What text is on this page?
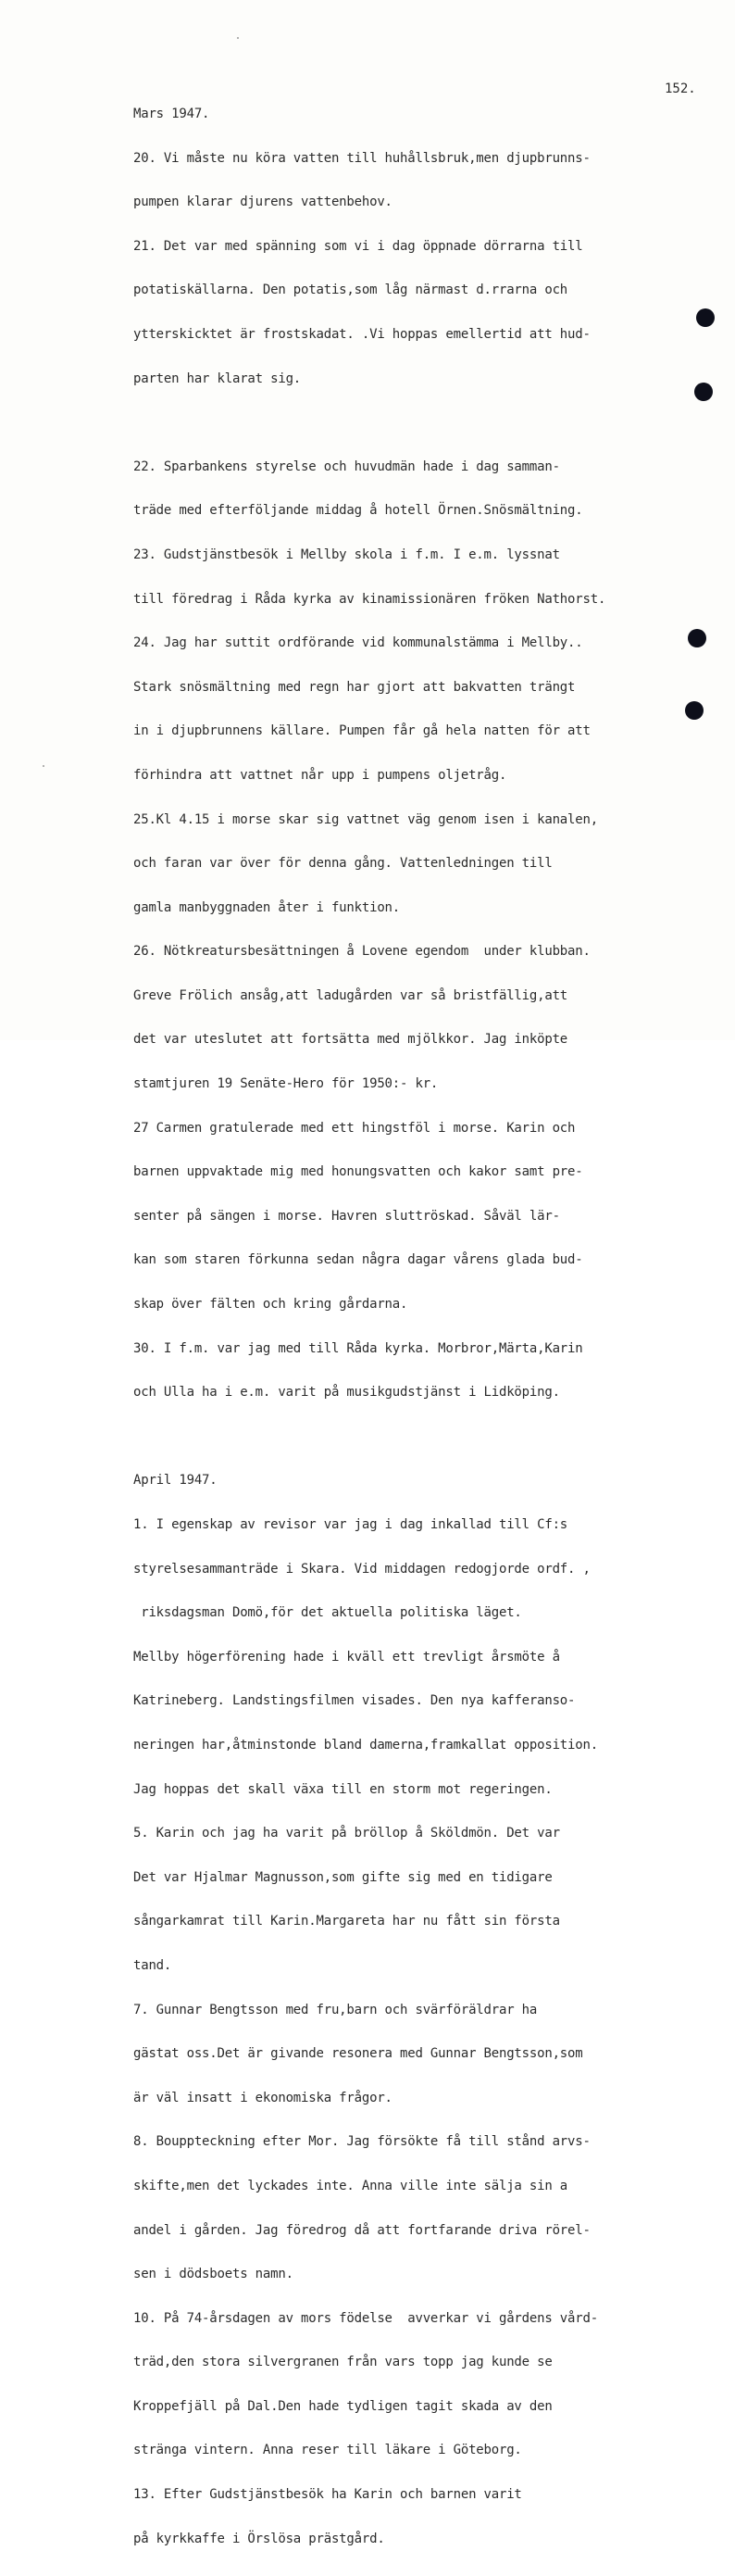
152.

Mars 1947.

20. Vi måste nu köra vatten till huhållsbruk,men djupbrunns-

pumpen klarar djurens vattenbehov.

21. Det var med spänning som vi i dag öppnade dörrarna till

potatiskällarna. Den potatis,som låg närmast d.rrarna och

ytterskicktet är frostskadat. .Vi hoppas emellertid att hud-

parten har klarat sig.

22. Sparbankens styrelse och huvudmän hade i dag samman-

träde med efterföljande middag å hotell Örnen.Snösmältning.

23. Gudstjänstbesök i Mellby skola i f.m. I e.m. lyssnat

till föredrag i Råda kyrka av kinamissionären fröken Nathorst.

24. Jag har suttit ordförande vid kommunalstämma i Mellby..

Stark snösmältning med regn har gjort att bakvatten trängt

in i djupbrunnens källare. Pumpen får gå hela natten för att

förhindra att vattnet når upp i pumpens oljetråg.

25.Kl 4.15 i morse skar sig vattnet väg genom isen i kanalen,

och faran var över för denna gång. Vattenledningen till

gamla manbyggnaden åter i funktion.

26. Nötkreatursbesättningen å Lovene egendom  under klubban.

Greve Frölich ansåg,att ladugården var så bristfällig,att

det var uteslutet att fortsätta med mjölkkor. Jag inköpte

stamtjuren 19 Senäte-Hero för 1950:- kr.

27 Carmen gratulerade med ett hingstföl i morse. Karin och

barnen uppvaktade mig med honungsvatten och kakor samt pre-

senter på sängen i morse. Havren sluttröskad. Såväl lär-

kan som staren förkunna sedan några dagar vårens glada bud-

skap över fälten och kring gårdarna.

30. I f.m. var jag med till Råda kyrka. Morbror,Märta,Karin

och Ulla ha i e.m. varit på musikgudstjänst i Lidköping.

April 1947.

1. I egenskap av revisor var jag i dag inkallad till Cf:s

styrelsesammanträde i Skara. Vid middagen redogjorde ordf. ,

riksdagsman Domö,för det aktuella politiska läget.

Mellby högerförening hade i kväll ett trevligt årsmöte å

Katrineberg. Landstingsfilmen visades. Den nya kafferanso-

neringen har,åtminstonde bland damerna,framkallat opposition.

Jag hoppas det skall växa till en storm mot regeringen.

5. Karin och jag ha varit på bröllop å Sköldmön. Det var

Det var Hjalmar Magnusson,som gifte sig med en tidigare

sångarkamrat till Karin.Margareta har nu fått sin första

tand.

7. Gunnar Bengtsson med fru,barn och svärföräldrar ha

gästat oss.Det är givande resonera med Gunnar Bengtsson,som

är väl insatt i ekonomiska frågor.

8. Bouppteckning efter Mor. Jag försökte få till stånd arvs-

skifte,men det lyckades inte. Anna ville inte sälja sin a

andel i gården. Jag föredrog då att fortfarande driva rörel-

sen i dödsboets namn.

10. På 74-årsdagen av mors födelse  avverkar vi gårdens vård-

träd,den stora silvergranen från vars topp jag kunde se

Kroppefjäll på Dal.Den hade tydligen tagit skada av den

stränga vintern. Anna reser till läkare i Göteborg.

13. Efter Gudstjänstbesök ha Karin och barnen varit

på kyrkkaffe i Örslösa prästgård.
